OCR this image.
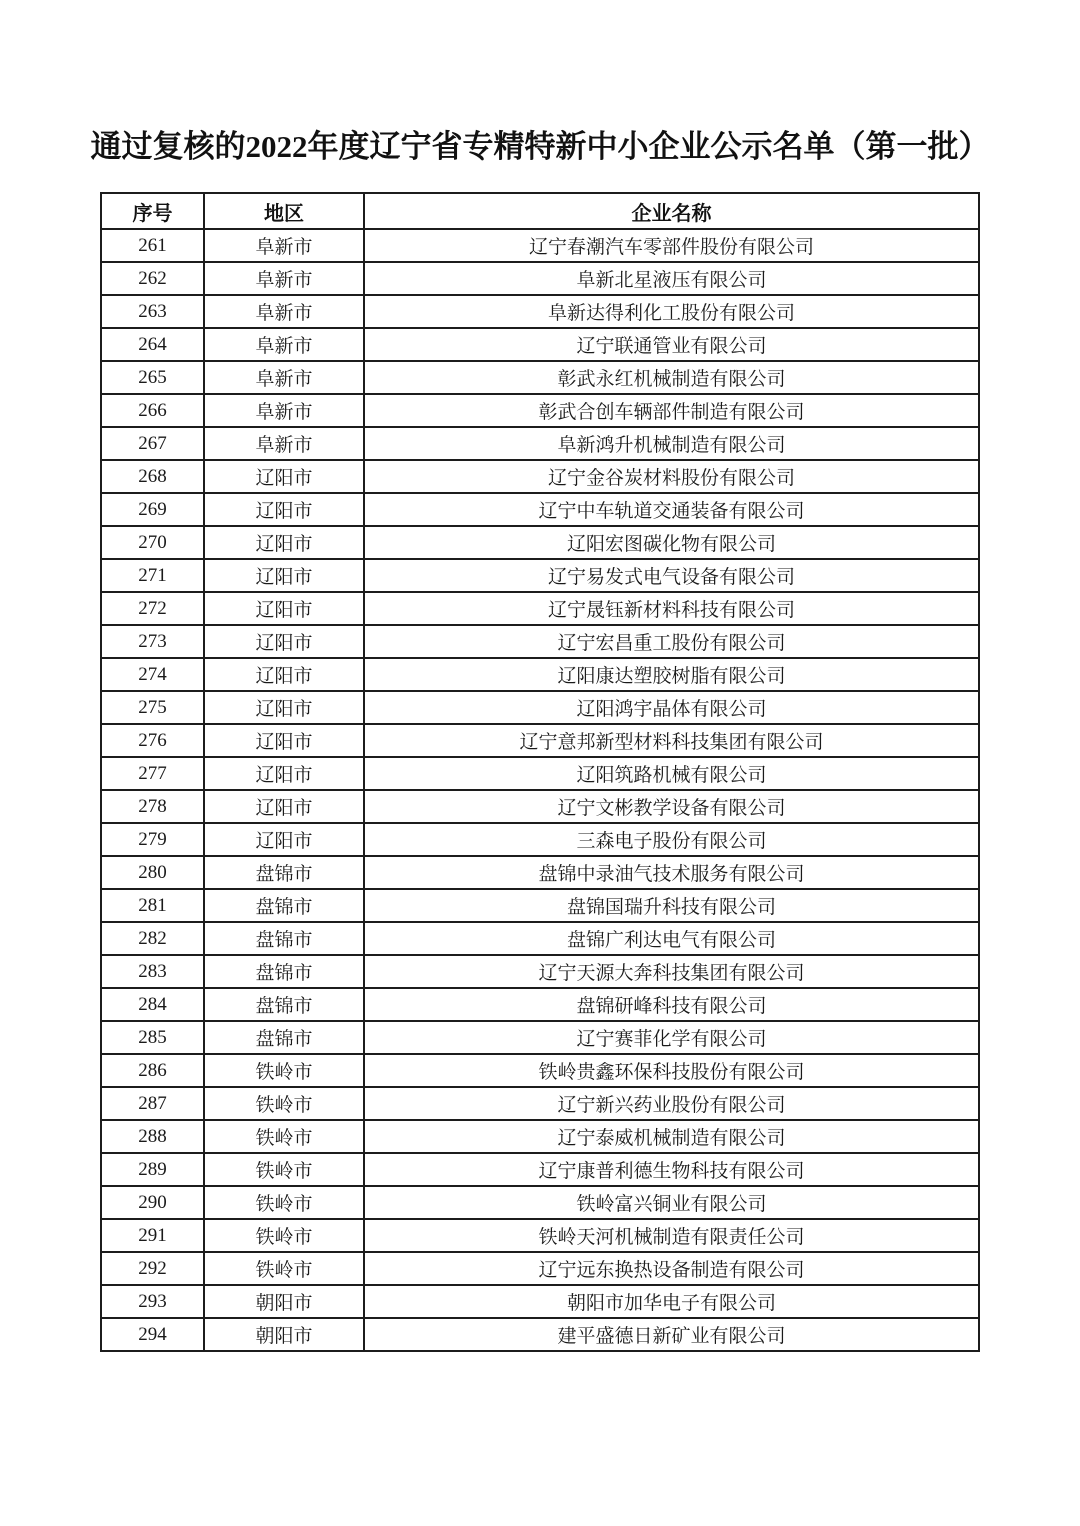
通过复核的2022年度辽宁省专精特新中小企业公示名单（第一批）
序号	地区	企业名称
261	阜新市	辽宁春潮汽车零部件股份有限公司
262	阜新市	阜新北星液压有限公司
263	阜新市	阜新达得利化工股份有限公司
264	阜新市	辽宁联通管业有限公司
265	阜新市	彰武永红机械制造有限公司
266	阜新市	彰武合创车辆部件制造有限公司
267	阜新市	阜新鸿升机械制造有限公司
268	辽阳市	辽宁金谷炭材料股份有限公司
269	辽阳市	辽宁中车轨道交通装备有限公司
270	辽阳市	辽阳宏图碳化物有限公司
271	辽阳市	辽宁易发式电气设备有限公司
272	辽阳市	辽宁晟钰新材料科技有限公司
273	辽阳市	辽宁宏昌重工股份有限公司
274	辽阳市	辽阳康达塑胶树脂有限公司
275	辽阳市	辽阳鸿宇晶体有限公司
276	辽阳市	辽宁意邦新型材料科技集团有限公司
277	辽阳市	辽阳筑路机械有限公司
278	辽阳市	辽宁文彬教学设备有限公司
279	辽阳市	三森电子股份有限公司
280	盘锦市	盘锦中录油气技术服务有限公司
281	盘锦市	盘锦国瑞升科技有限公司
282	盘锦市	盘锦广利达电气有限公司
283	盘锦市	辽宁天源大奔科技集团有限公司
284	盘锦市	盘锦研峰科技有限公司
285	盘锦市	辽宁赛菲化学有限公司
286	铁岭市	铁岭贵鑫环保科技股份有限公司
287	铁岭市	辽宁新兴药业股份有限公司
288	铁岭市	辽宁泰威机械制造有限公司
289	铁岭市	辽宁康普利德生物科技有限公司
290	铁岭市	铁岭富兴铜业有限公司
291	铁岭市	铁岭天河机械制造有限责任公司
292	铁岭市	辽宁远东换热设备制造有限公司
293	朝阳市	朝阳市加华电子有限公司
294	朝阳市	建平盛德日新矿业有限公司
